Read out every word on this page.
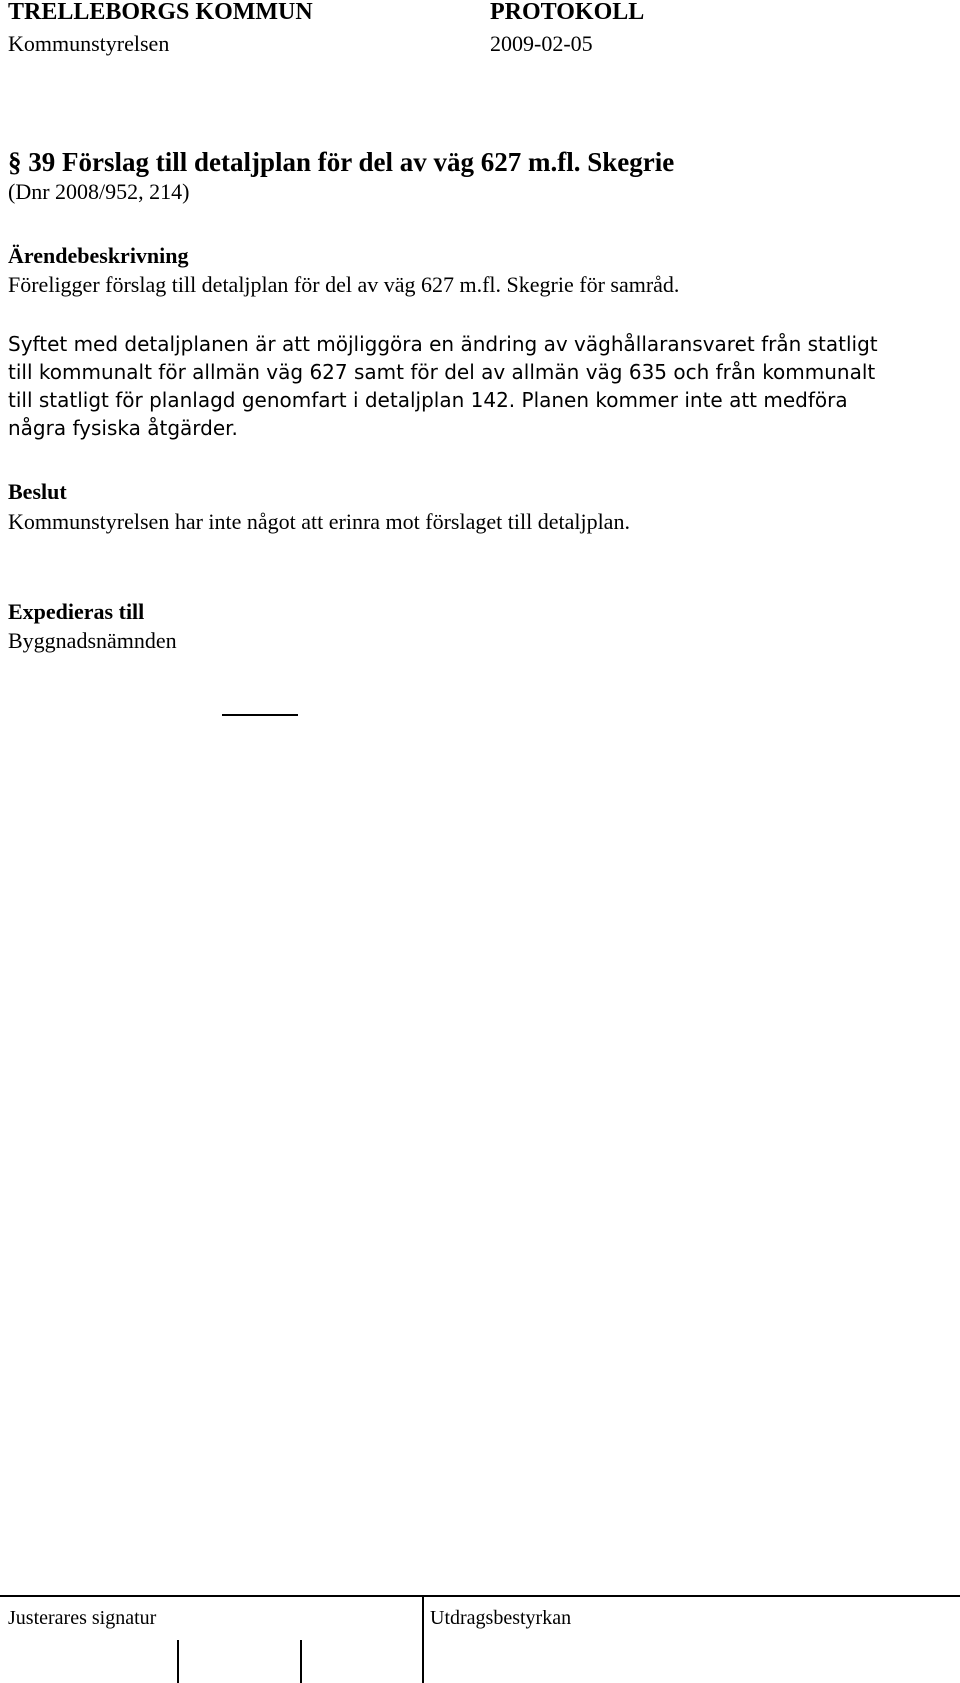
TRELLEBORGS KOMMUN	PROTOKOLL
Kommunstyrelsen	2009-02-05
§ 39 Förslag till detaljplan för del av väg 627 m.fl. Skegrie
(Dnr 2008/952, 214)
Ärendebeskrivning
Föreligger förslag till detaljplan för del av väg 627 m.fl. Skegrie för samråd.
Syftet med detaljplanen är att möjliggöra en ändring av väghållaransvaret från statligt
till kommunalt för allmän väg 627 samt för del av allmän väg 635 och från kommunalt
till statligt för planlagd genomfart i detaljplan 142. Planen kommer inte att medföra
några fysiska åtgärder.
Beslut
Kommunstyrelsen har inte något att erinra mot förslaget till detaljplan.
Expedieras till
Byggnadsnämnden
Justerares signatur	Utdragsbestyrkan
